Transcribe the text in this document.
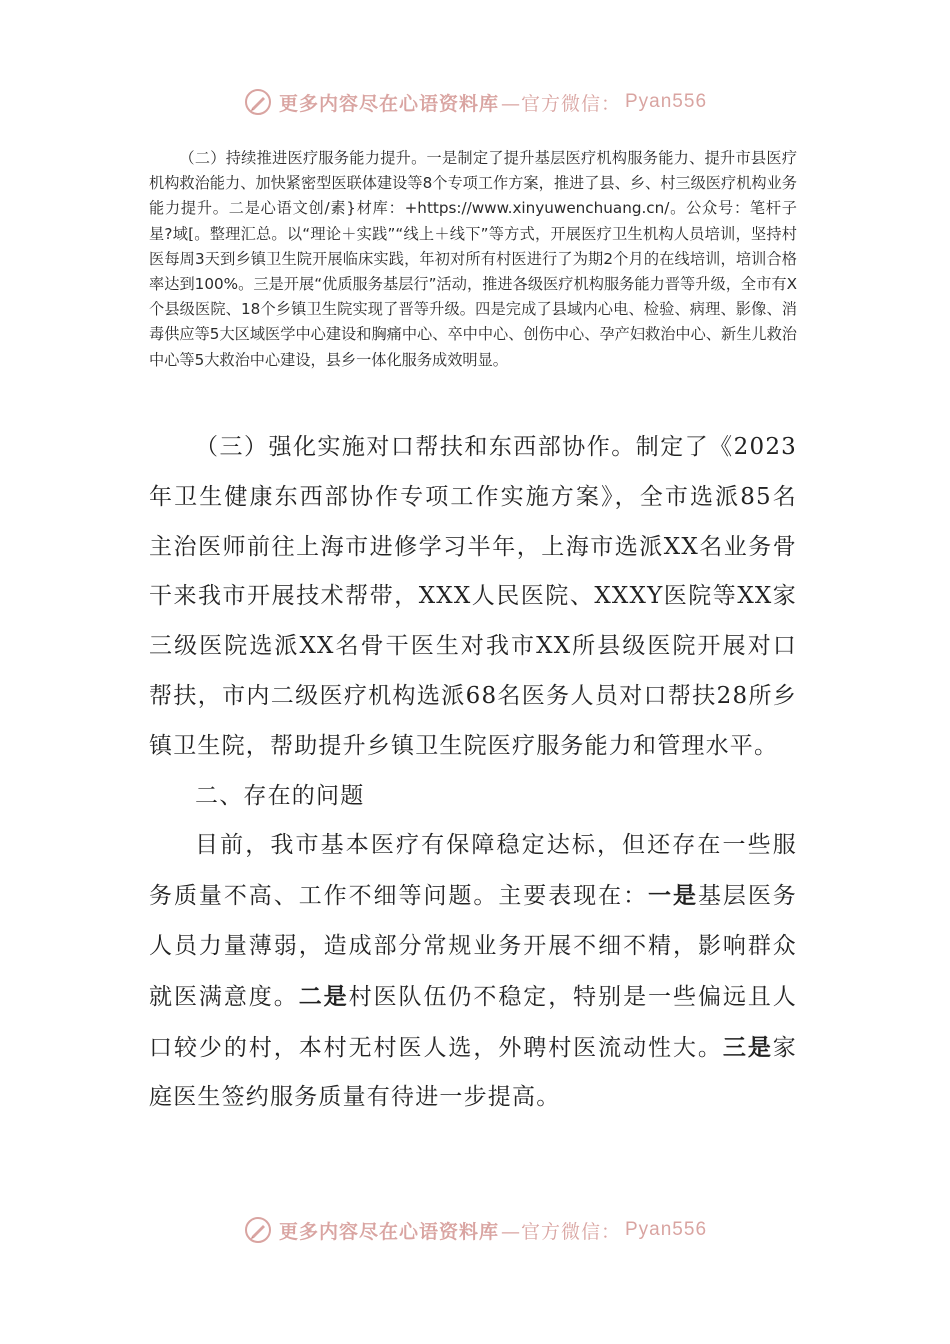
更多内容尽在心语资料库 —官方微信： Pyan556

（二）持续推进医疗服务能力提升。一是制定了提升基层医疗机构服务能力、提升市县医疗机构救治能力、加快紧密型医联体建设等8个专项工作方案，推进了县、乡、村三级医疗机构业务能力提升。二是心语文创/素}材库：+https://www.xinyuwenchuang.cn/。公众号：笔杆子星?域[。整理汇总。以“理论＋实践”“线上＋线下”等方式，开展医疗卫生机构人员培训，坚持村医每周3天到乡镇卫生院开展临床实践，年初对所有村医进行了为期2个月的在线培训，培训合格率达到100%。三是开展“优质服务基层行”活动，推进各级医疗机构服务能力晋等升级，全市有X个县级医院、18个乡镇卫生院实现了晋等升级。四是完成了县域内心电、检验、病理、影像、消毒供应等5大区域医学中心建设和胸痛中心、卒中中心、创伤中心、孕产妇救治中心、新生儿救治中心等5大救治中心建设，县乡一体化服务成效明显。

（三）强化实施对口帮扶和东西部协作。制定了《2023年卫生健康东西部协作专项工作实施方案》，全市选派85名主治医师前往上海市进修学习半年，上海市选派XX名业务骨干来我市开展技术帮带，XXX人民医院、XXXY医院等XX家三级医院选派XX名骨干医生对我市XX所县级医院开展对口帮扶，市内二级医疗机构选派68名医务人员对口帮扶28所乡镇卫生院，帮助提升乡镇卫生院医疗服务能力和管理水平。

二、存在的问题

目前，我市基本医疗有保障稳定达标，但还存在一些服务质量不高、工作不细等问题。主要表现在：一是基层医务人员力量薄弱，造成部分常规业务开展不细不精，影响群众就医满意度。二是村医队伍仍不稳定，特别是一些偏远且人口较少的村，本村无村医人选，外聘村医流动性大。三是家庭医生签约服务质量有待进一步提高。

更多内容尽在心语资料库 —官方微信： Pyan556
